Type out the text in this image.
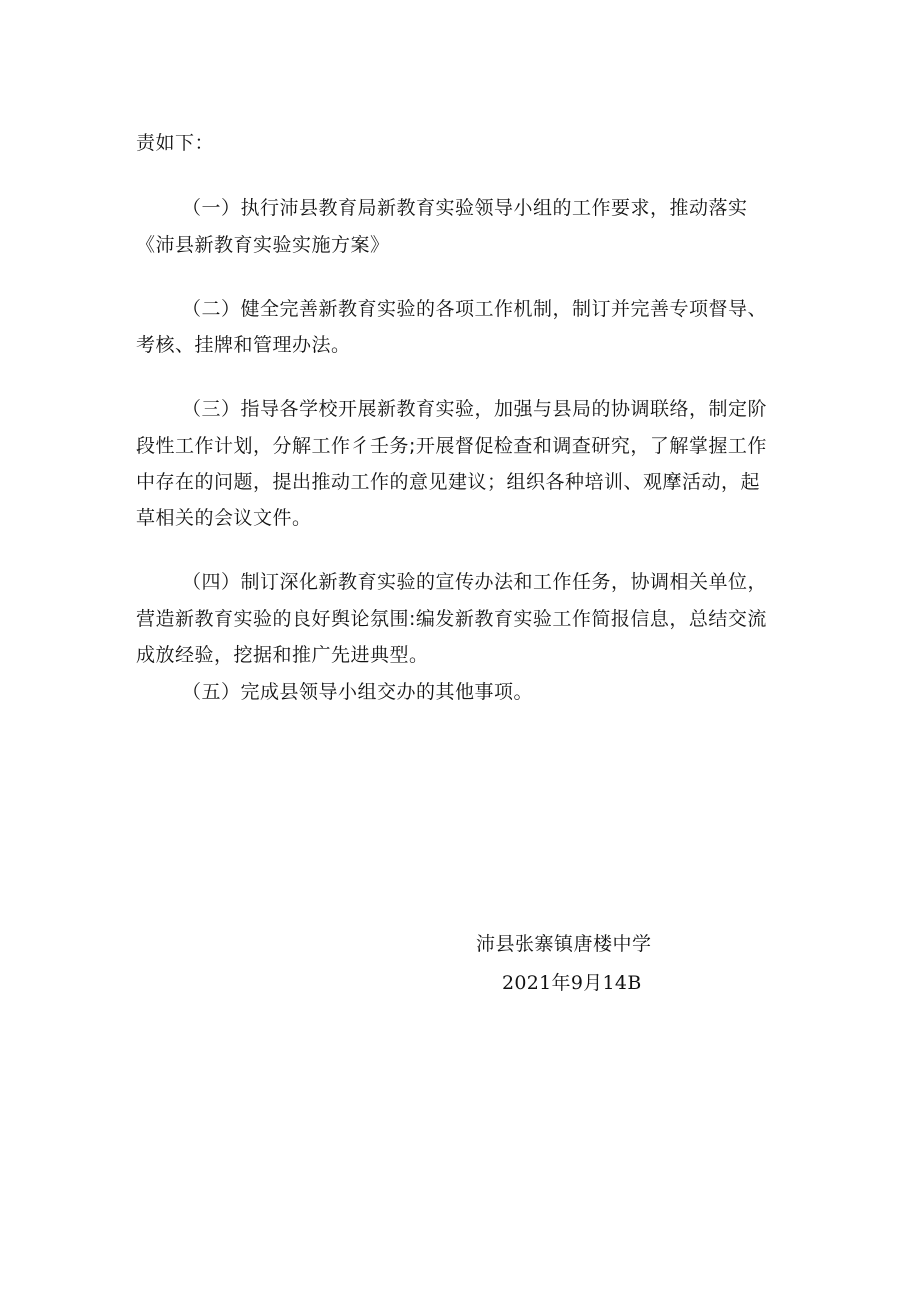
责如下：
（一）执行沛县教育局新教育实验领导小组的工作要求，推动落实
《沛县新教育实验实施方案》
（二）健全完善新教育实验的各项工作机制，制订并完善专项督导、
考核、挂牌和管理办法。
（三）指导各学校开展新教育实验，加强与县局的协调联络，制定阶
段性工作计划，分解工作彳壬务;开展督促检查和调查研究，了解掌握工作
中存在的问题，提出推动工作的意见建议；组织各种培训、观摩活动，起
草相关的会议文件。
（四）制订深化新教育实验的宣传办法和工作任务，协调相关单位，
营造新教育实验的良好舆论氛围:编发新教育实验工作简报信息，总结交流
成放经验，挖据和推广先进典型。
（五）完成县领导小组交办的其他事项。
沛县张寨镇唐楼中学
2021年9月14B
